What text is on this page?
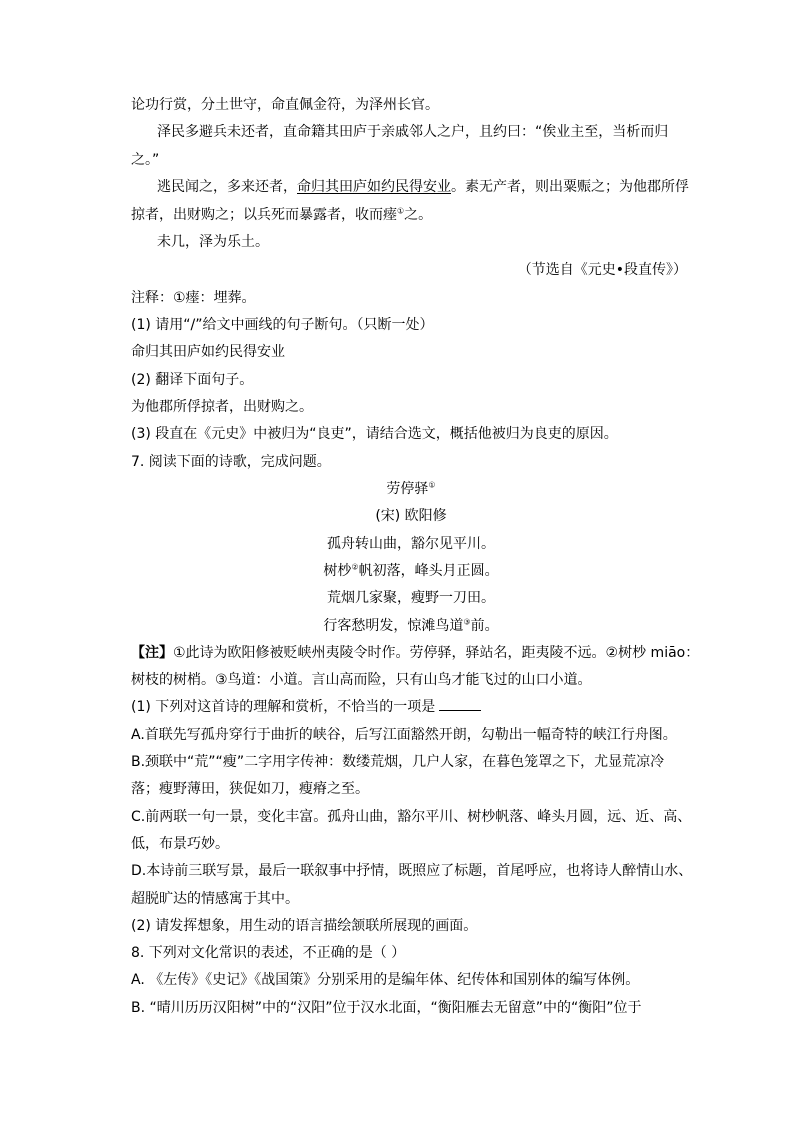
论功行赏，分土世守，命直佩金符，为泽州长官。
泽民多避兵未还者，直命籍其田庐于亲戚邻人之户，且约曰：“俟业主至，当析而归
之。”
逃民闻之，多来还者，命归其田庐如约民得安业。素无产者，则出粟赈之；为他郡所俘
掠者，出财购之；以兵死而暴露者，收而瘗①之。
未几，泽为乐土。
（节选自《元史•段直传》）
注释：①瘗：埋葬。
(1) 请用“/”给文中画线的句子断句。（只断一处）
命归其田庐如约民得安业
(2) 翻译下面句子。
为他郡所俘掠者，出财购之。
(3) 段直在《元史》中被归为“良吏”，请结合选文，概括他被归为良吏的原因。
7. 阅读下面的诗歌，完成问题。
劳停驿①
(宋) 欧阳修
孤舟转山曲，豁尔见平川。
树杪②帆初落，峰头月正圆。
荒烟几家聚，瘦野一刀田。
行客愁明发，惊滩鸟道③前。
【注】①此诗为欧阳修被贬峡州夷陵令时作。劳停驿，驿站名，距夷陵不远。②树杪 miāo：
树枝的树梢。③鸟道：小道。言山高而险，只有山鸟才能飞过的山口小道。
(1) 下列对这首诗的理解和赏析，不恰当的一项是
A.首联先写孤舟穿行于曲折的峡谷，后写江面豁然开朗，勾勒出一幅奇特的峡江行舟图。
B.颈联中“荒”“瘦”二字用字传神：数缕荒烟，几户人家，在暮色笼罩之下，尤显荒凉冷
落；瘦野薄田，狭促如刀，瘦瘠之至。
C.前两联一句一景，变化丰富。孤舟山曲，豁尔平川、树杪帆落、峰头月圆，远、近、高、
低，布景巧妙。
D.本诗前三联写景，最后一联叙事中抒情，既照应了标题，首尾呼应，也将诗人醉情山水、
超脱旷达的情感寓于其中。
(2) 请发挥想象，用生动的语言描绘颔联所展现的画面。
8. 下列对文化常识的表述，不正确的是（ ）
A. 《左传》《史记》《战国策》分别采用的是编年体、纪传体和国别体的编写体例。
B. “晴川历历汉阳树”中的“汉阳”位于汉水北面，“衡阳雁去无留意”中的“衡阳”位于
